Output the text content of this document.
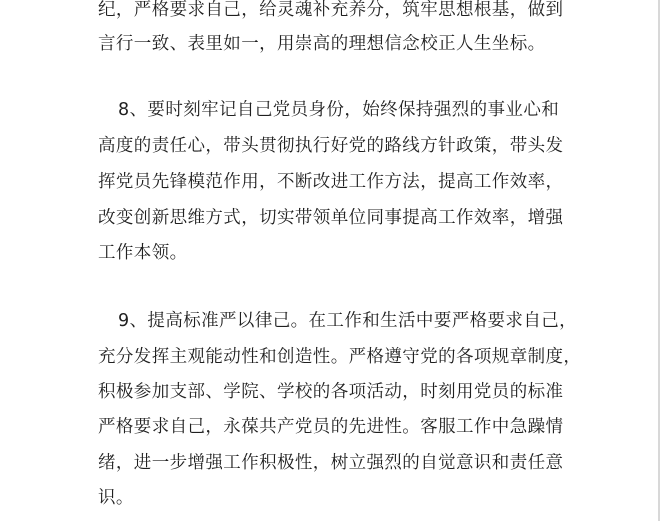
纪，严格要求自己，给灵魂补充养分，筑牢思想根基，做到
言行一致、表里如一，用崇高的理想信念校正人生坐标。
8、要时刻牢记自己党员身份，始终保持强烈的事业心和
高度的责任心，带头贯彻执行好党的路线方针政策，带头发
挥党员先锋模范作用，不断改进工作方法，提高工作效率，
改变创新思维方式，切实带领单位同事提高工作效率，增强
工作本领。
9、提高标准严以律己。在工作和生活中要严格要求自己，
充分发挥主观能动性和创造性。严格遵守党的各项规章制度，
积极参加支部、学院、学校的各项活动，时刻用党员的标准
严格要求自己，永葆共产党员的先进性。客服工作中急躁情
绪，进一步增强工作积极性，树立强烈的自觉意识和责任意
识。
